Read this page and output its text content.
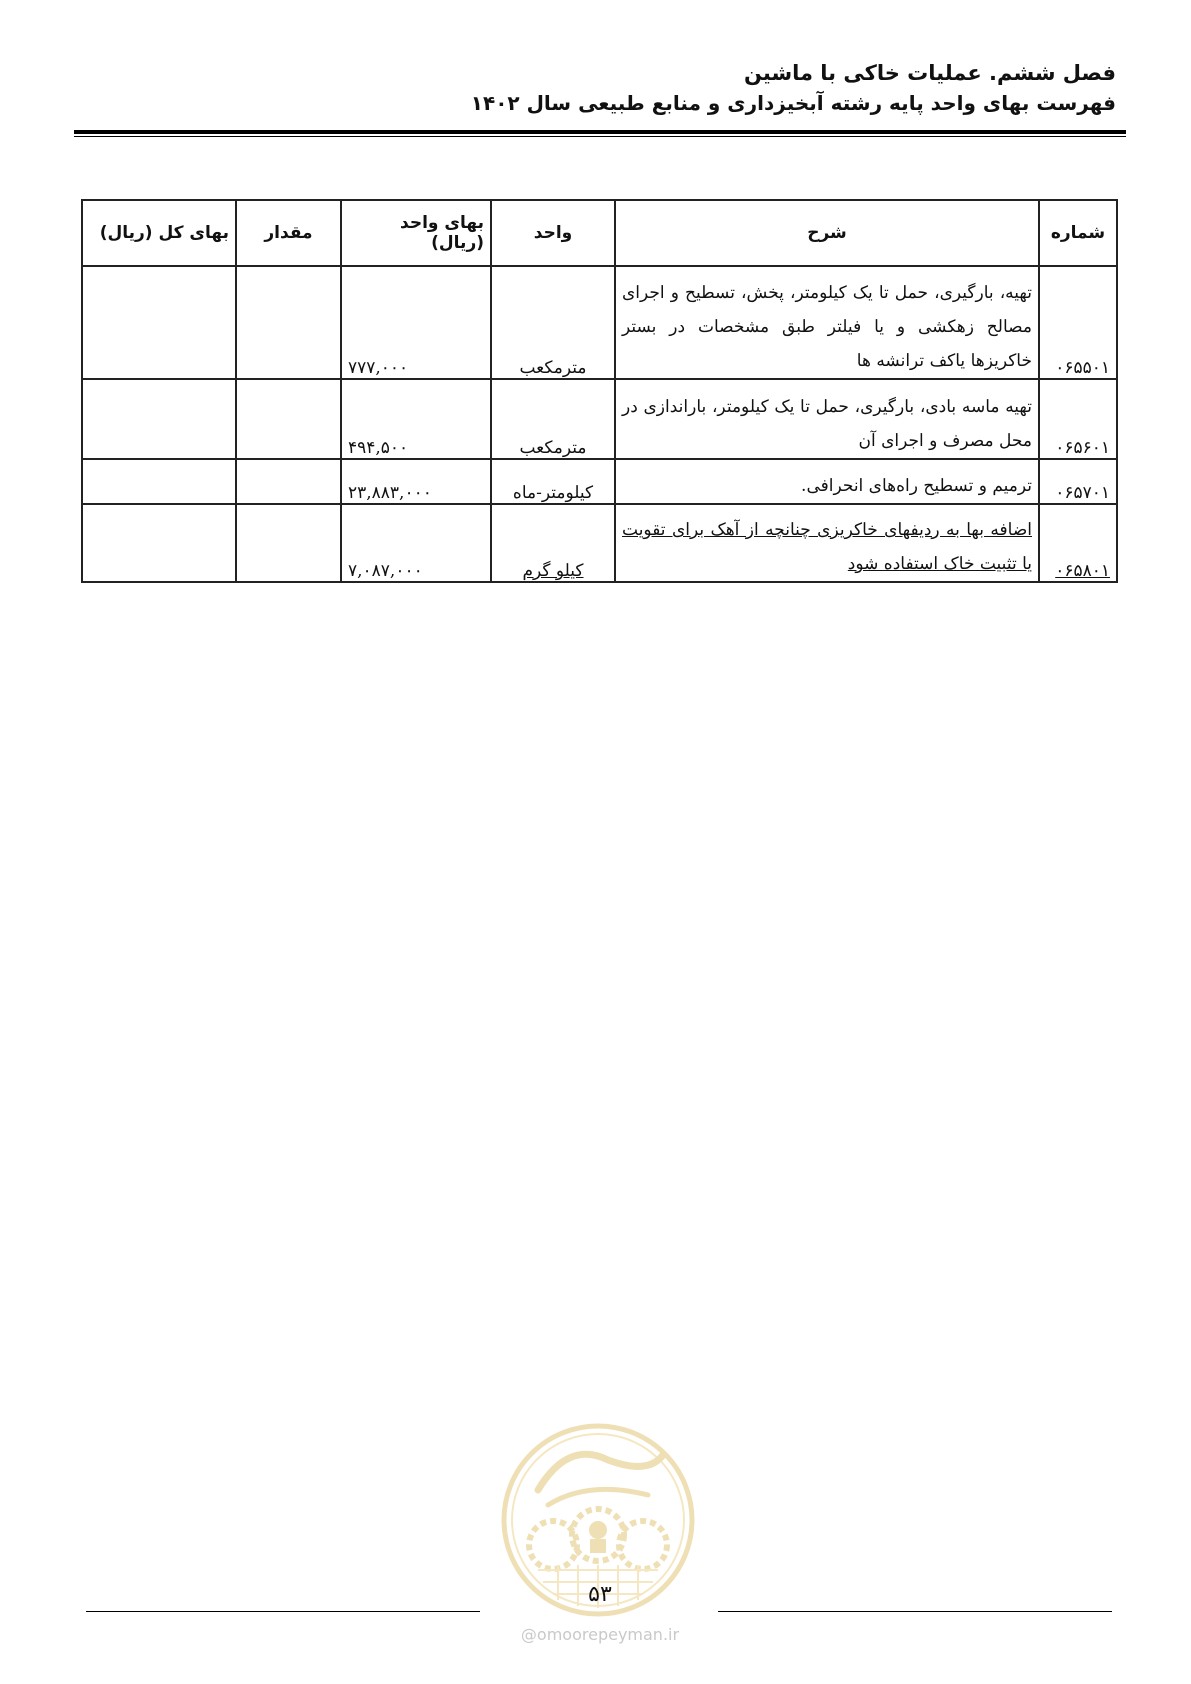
فصل ششم. عملیات خاکی با ماشین
فهرست بهای واحد پایه رشته آبخیزداری و منابع طبیعی سال ۱۴۰۲
شماره	شرح	واحد	بهای واحد (ریال)	مقدار	بهای کل (ریال)
۰۶۵۵۰۱	تهیه، بارگیری، حمل تا یک کیلومتر، پخش، تسطیح و اجرای مصالح زهکشی و یا فیلتر طبق مشخصات در بستر خاکریزها یاکف ترانشه ها	مترمکعب	۷۷۷,۰۰۰		
۰۶۵۶۰۱	تهیه ماسه بادی، بارگیری، حمل تا یک کیلومتر، باراندازی در محل مصرف و اجرای آن	مترمکعب	۴۹۴,۵۰۰		
۰۶۵۷۰۱	ترمیم و تسطیح راه‌های انحرافی.	کیلومتر-ماه	۲۳,۸۸۳,۰۰۰		
۰۶۵۸۰۱	اضافه بها به ردیفهای خاکریزی چنانچه از آهک برای تقویت یا تثبیت خاک استفاده شود	کیلو گرم	۷,۰۸۷,۰۰۰		
۵۳
@omoorepeyman.ir
